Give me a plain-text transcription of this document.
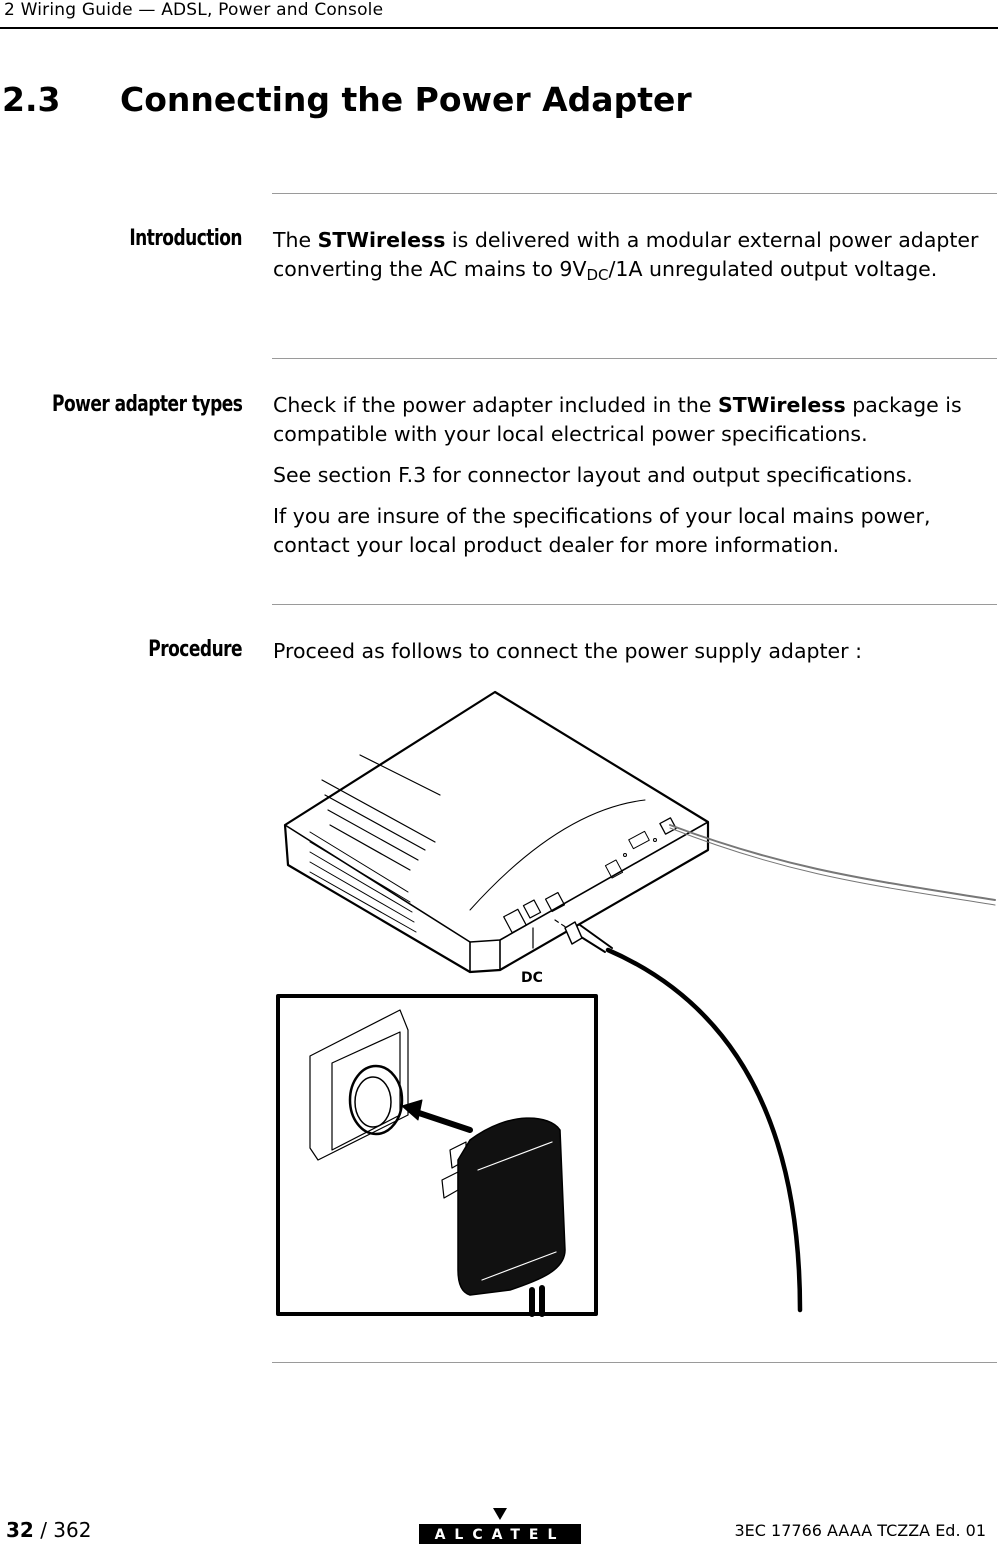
2 Wiring Guide — ADSL, Power and Console
2.3 Connecting the Power Adapter
Introduction The STWireless is delivered with a modular external power adapter converting the AC mains to $9V_{DC}/1A$ unregulated output voltage.

Power adapter types Check if the power adapter included in the STWireless package is compatible with your local electrical power specifications.

See section F.3 for connector layout and output specifications.

If you are insure of the specifications of your local mains power, contact your local product dealer for more information.

Procedure Proceed as follows to connect the power supply adapter :

DC
32 / 362	ALCATEL	3EC 17766 AAAA TCZZA Ed. 01
